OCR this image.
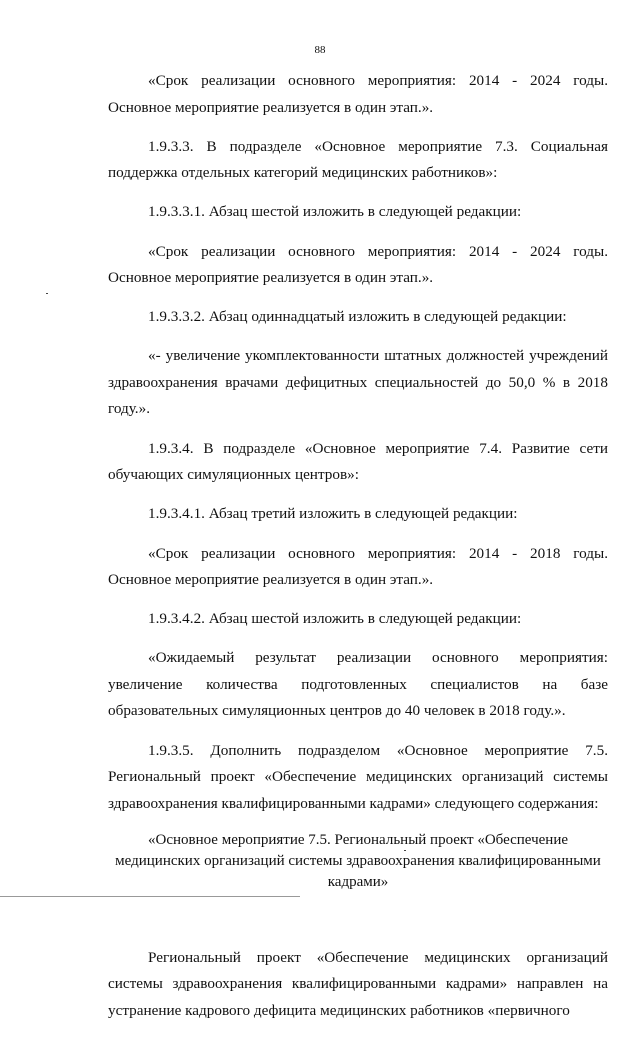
88

«Срок реализации основного мероприятия: 2014 - 2024 годы. Основное мероприятие реализуется в один этап.».

1.9.3.3. В подразделе «Основное мероприятие 7.3. Социальная поддержка отдельных категорий медицинских работников»:

1.9.3.3.1. Абзац шестой изложить в следующей редакции:

«Срок реализации основного мероприятия: 2014 - 2024 годы. Основное мероприятие реализуется в один этап.».

1.9.3.3.2. Абзац одиннадцатый изложить в следующей редакции:

«- увеличение укомплектованности штатных должностей учреждений здравоохранения врачами дефицитных специальностей до 50,0 % в 2018 году.».

1.9.3.4. В подразделе «Основное мероприятие 7.4. Развитие сети обучающих симуляционных центров»:

1.9.3.4.1. Абзац третий изложить в следующей редакции:

«Срок реализации основного мероприятия: 2014 - 2018 годы. Основное мероприятие реализуется в один этап.».

1.9.3.4.2. Абзац шестой изложить в следующей редакции:

«Ожидаемый результат реализации основного мероприятия: увеличение количества подготовленных специалистов на базе образовательных симуляционных центров до 40 человек в 2018 году.».

1.9.3.5. Дополнить подразделом «Основное мероприятие 7.5. Региональный проект «Обеспечение медицинских организаций системы здравоохранения квалифицированными кадрами» следующего содержания:

«Основное мероприятие 7.5. Региональный проект «Обеспечение медицинских организаций системы здравоохранения квалифицированными кадрами»

Региональный проект «Обеспечение медицинских организаций системы здравоохранения квалифицированными кадрами» направлен на устранение кадрового дефицита медицинских работников «первичного
